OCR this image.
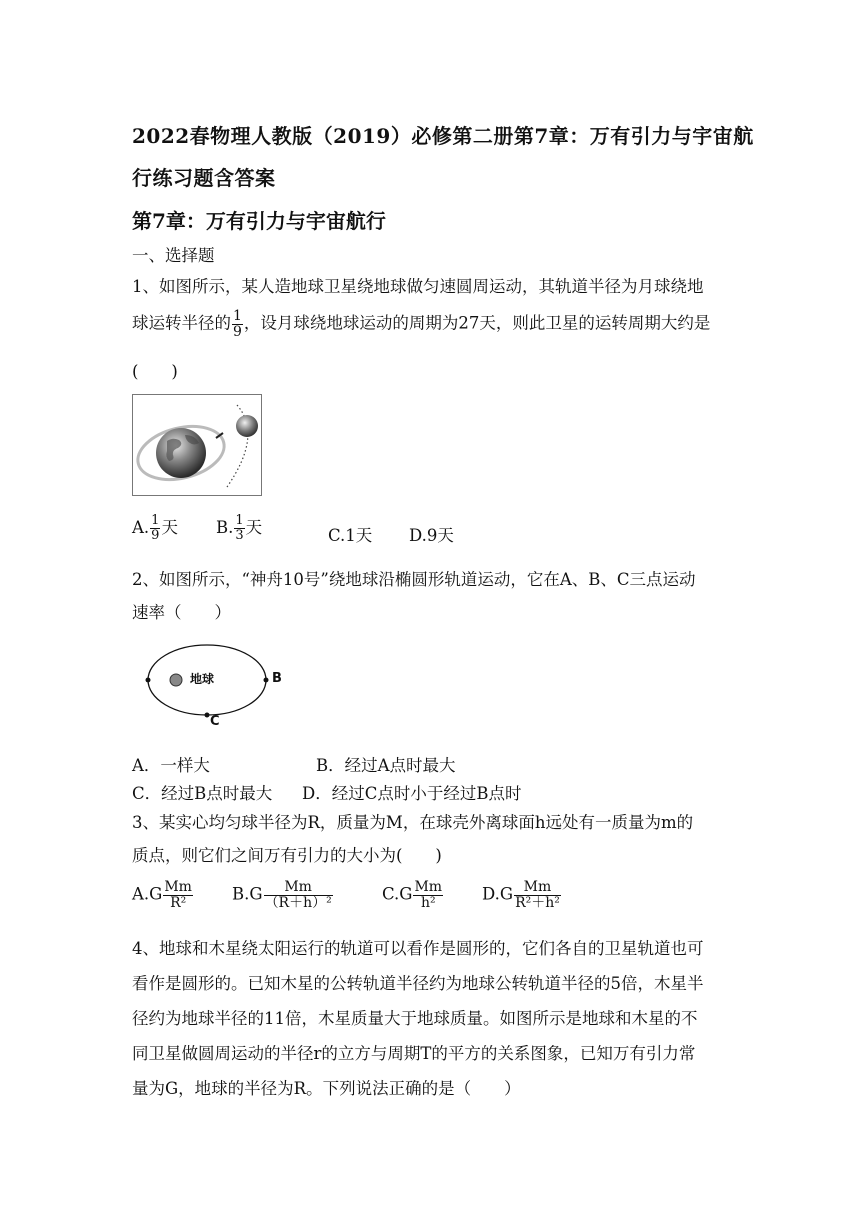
2022春物理人教版（2019）必修第二册第7章：万有引力与宇宙航
行练习题含答案
第7章：万有引力与宇宙航行
一、选择题
1、如图所示，某人造地球卫星绕地球做匀速圆周运动，其轨道半径为月球绕地
球运转半径的 $\frac{1}{9}$ ，设月球绕地球运动的周期为27天，则此卫星的运转周期大约是
(　　)
A. $\frac{1}{9}$ 天 B. $\frac{1}{3}$ 天	C.1天 D.9天
2、如图所示，“神舟10号”绕地球沿椭圆形轨道运动，它在A、B、C三点运动
速率（　　）
地球	B
C
A．一样大	B．经过A点时最大
C．经过B点时最大 D．经过C点时小于经过B点时
3、某实心均匀球半径为R，质量为M，在球壳外离球面h远处有一质量为m的
质点，则它们之间万有引力的大小为(　　)
$A.G \frac{Mm}{\text{R²}} B.G \frac{Mm}{\text{（R＋h）²}}$	$C.G \frac{Mm}{\text{h²}} D.G \frac{Mm}{\text{R²＋h²}}$
4、地球和木星绕太阳运行的轨道可以看作是圆形的，它们各自的卫星轨道也可
看作是圆形的。已知木星的公转轨道半径约为地球公转轨道半径的5倍，木星半
径约为地球半径的11倍，木星质量大于地球质量。如图所示是地球和木星的不
同卫星做圆周运动的半径r的立方与周期T的平方的关系图象，已知万有引力常
量为G，地球的半径为R。下列说法正确的是（　　）
